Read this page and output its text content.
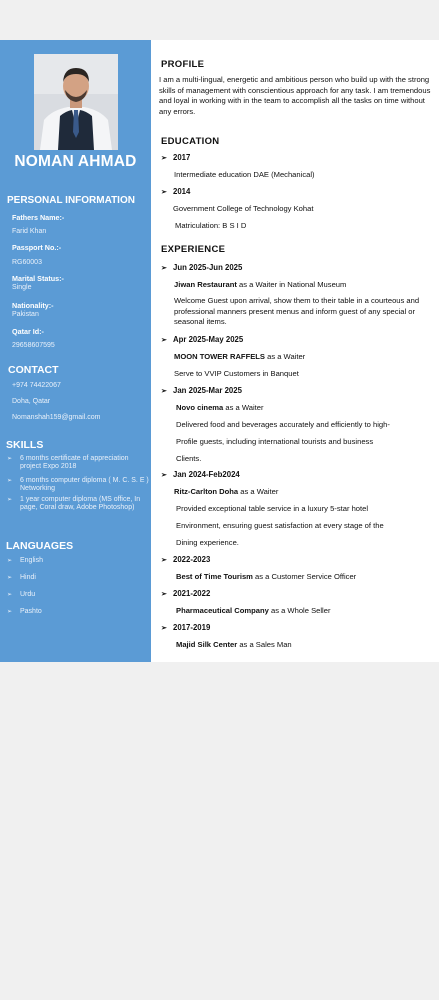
NOMAN AHMAD
PERSONAL INFORMATION
Fathers Name:-
Farid Khan
Passport No.:-
RG60003
Marital Status:-
Single
Nationality:-
Pakistan
Qatar Id:-
29658607595
CONTACT
+974 74422067
Doha, Qatar
Nomanshah159@gmail.com
SKILLS
➢ 6 months certificate of appreciation project Expo 2018
➢ 6 months computer diploma ( M. C. S. E ) Networking
➢ 1 year computer diploma (MS office, In page, Coral draw, Adobe Photoshop)
LANGUAGES
➢ English
➢ Hindi
➢ Urdu
➢ Pashto
PROFILE
I am a multi-lingual, energetic and ambitious person who build up with the strong skills of management with conscientious approach for any task. I am tremendous and loyal in working with in the team to accomplish all the tasks on time without any errors.
EDUCATION
➢ 2017
Intermediate education DAE (Mechanical)
➢ 2014
Government College of Technology Kohat
Matriculation: B S I D
EXPERIENCE
➢ Jun 2025-Jun 2025
Jiwan Restaurant as a Waiter in National Museum
Welcome Guest upon arrival, show them to their table in a courteous and professional manners present menus and inform guest of any special or seasonal items.
➢ Apr 2025-May 2025
MOON TOWER RAFFELS as a Waiter
Serve to VVIP Customers in Banquet
➢ Jan 2025-Mar 2025
Novo cinema as a Waiter
Delivered food and beverages accurately and efficiently to high-
Profile guests, including international tourists and business
Clients.
➢ Jan 2024-Feb2024
Ritz-Carlton Doha as a Waiter
Provided exceptional table service in a luxury 5-star hotel
Environment, ensuring guest satisfaction at every stage of the
Dining experience.
➢ 2022-2023
Best of Time Tourism as a Customer Service Officer
➢ 2021-2022
Pharmaceutical Company as a Whole Seller
➢ 2017-2019
Majid Silk Center as a Sales Man
